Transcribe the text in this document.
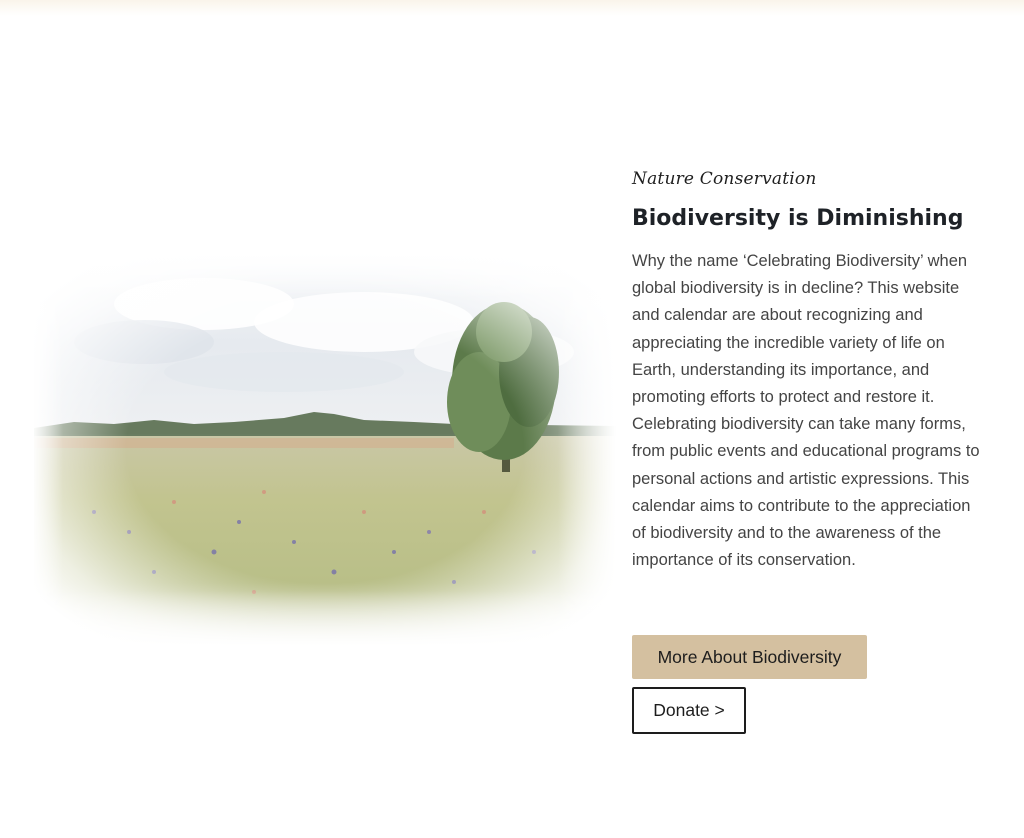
Nature Conservation
Biodiversity is Diminishing

Why the name ‘Celebrating Biodiversity’ when global biodiversity is in decline? This website and calendar are about recognizing and appreciating the incredible variety of life on Earth, understanding its importance, and promoting efforts to protect and restore it. Celebrating biodiversity can take many forms, from public events and educational programs to personal actions and artistic expressions. This calendar aims to contribute to the appreciation of biodiversity and to the awareness of the importance of its conservation.

More About Biodiversity
Donate >
